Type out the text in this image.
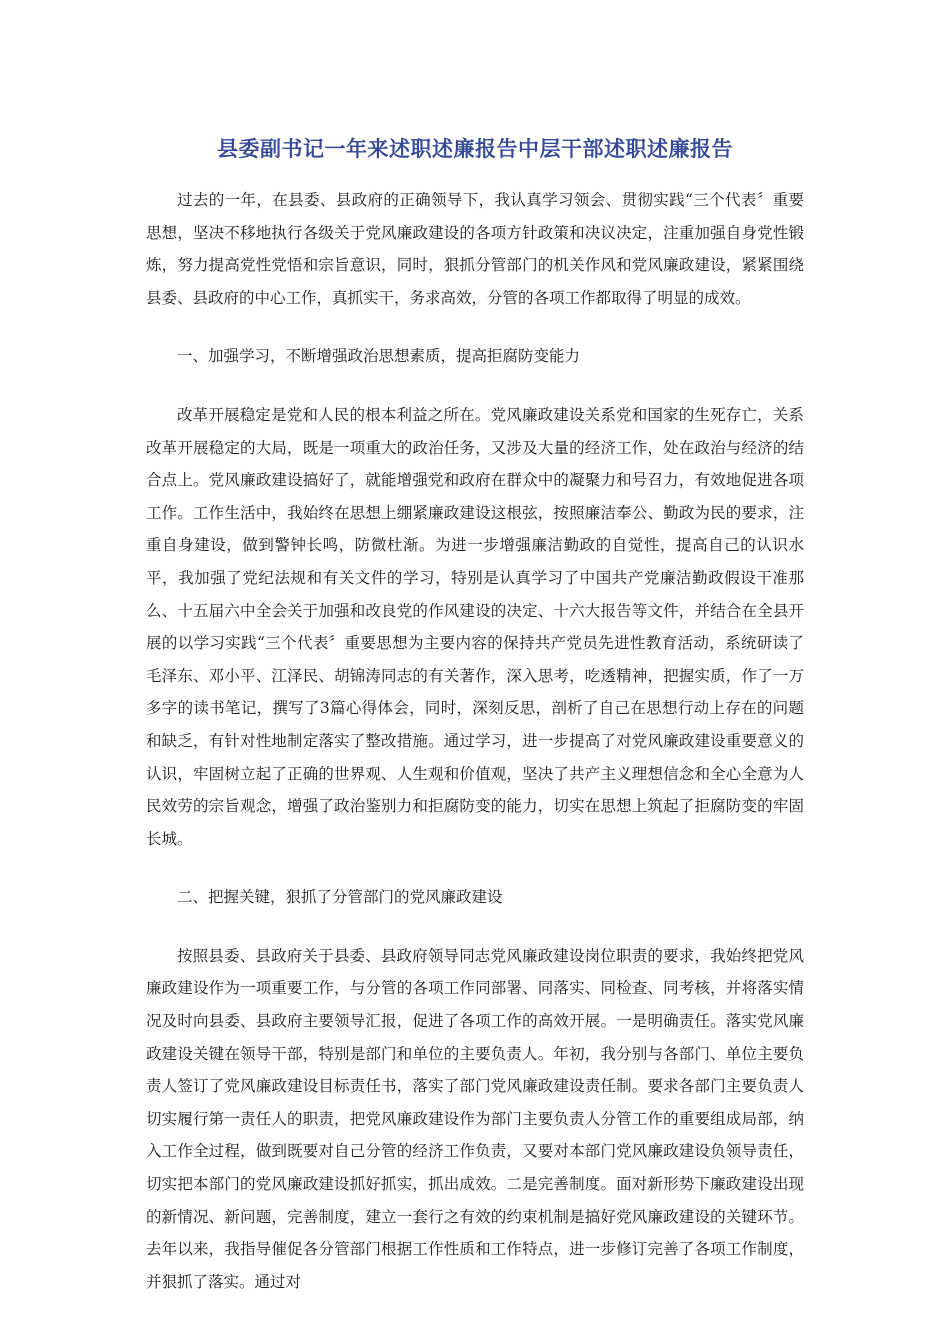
县委副书记一年来述职述廉报告中层干部述职述廉报告

过去的一年，在县委、县政府的正确领导下，我认真学习领会、贯彻实践“三个代表〞重要思想，坚决不移地执行各级关于党风廉政建设的各项方针政策和决议决定，注重加强自身党性锻炼，努力提高党性党悟和宗旨意识，同时，狠抓分管部门的机关作风和党风廉政建设，紧紧围绕县委、县政府的中心工作，真抓实干，务求高效，分管的各项工作都取得了明显的成效。

一、加强学习，不断增强政治思想素质，提高拒腐防变能力

改革开展稳定是党和人民的根本利益之所在。党风廉政建设关系党和国家的生死存亡，关系改革开展稳定的大局，既是一项重大的政治任务，又涉及大量的经济工作，处在政治与经济的结合点上。党风廉政建设搞好了，就能增强党和政府在群众中的凝聚力和号召力，有效地促进各项工作。工作生活中，我始终在思想上绷紧廉政建设这根弦，按照廉洁奉公、勤政为民的要求，注重自身建设，做到警钟长鸣，防微杜渐。为进一步增强廉洁勤政的自觉性，提高自己的认识水平，我加强了党纪法规和有关文件的学习，特别是认真学习了中国共产党廉洁勤政假设干准那么、十五届六中全会关于加强和改良党的作风建设的决定、十六大报告等文件，并结合在全县开展的以学习实践“三个代表〞重要思想为主要内容的保持共产党员先进性教育活动，系统研读了毛泽东、邓小平、江泽民、胡锦涛同志的有关著作，深入思考，吃透精神，把握实质，作了一万多字的读书笔记，撰写了3篇心得体会，同时，深刻反思，剖析了自己在思想行动上存在的问题和缺乏，有针对性地制定落实了整改措施。通过学习，进一步提高了对党风廉政建设重要意义的认识，牢固树立起了正确的世界观、人生观和价值观，坚决了共产主义理想信念和全心全意为人民效劳的宗旨观念，增强了政治鉴别力和拒腐防变的能力，切实在思想上筑起了拒腐防变的牢固长城。

二、把握关键，狠抓了分管部门的党风廉政建设

按照县委、县政府关于县委、县政府领导同志党风廉政建设岗位职责的要求，我始终把党风廉政建设作为一项重要工作，与分管的各项工作同部署、同落实、同检查、同考核，并将落实情况及时向县委、县政府主要领导汇报，促进了各项工作的高效开展。一是明确责任。落实党风廉政建设关键在领导干部，特别是部门和单位的主要负责人。年初，我分别与各部门、单位主要负责人签订了党风廉政建设目标责任书，落实了部门党风廉政建设责任制。要求各部门主要负责人切实履行第一责任人的职责，把党风廉政建设作为部门主要负责人分管工作的重要组成局部，纳入工作全过程，做到既要对自己分管的经济工作负责，又要对本部门党风廉政建设负领导责任，切实把本部门的党风廉政建设抓好抓实，抓出成效。二是完善制度。面对新形势下廉政建设出现的新情况、新问题，完善制度，建立一套行之有效的约束机制是搞好党风廉政建设的关键环节。去年以来，我指导催促各分管部门根据工作性质和工作特点，进一步修订完善了各项工作制度，并狠抓了落实。通过对
